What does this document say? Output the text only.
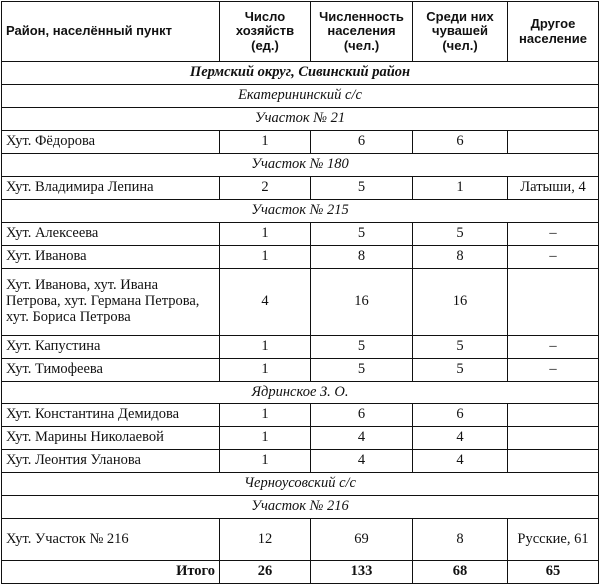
Район, населённый пункт	Число хозяйств (ед.)	Численность населения (чел.)	Среди них чувашей (чел.)	Другое население
Пермский округ, Сивинский район				
Екатерининский с/с				
Участок № 21				
Хут. Фёдорова	1	6	6	
Участок № 180				
Хут. Владимира Лепина	2	5	1	Латыши, 4
Участок № 215				
Хут. Алексеева	1	5	5	–
Хут. Иванова	1	8	8	–
Хут. Иванова, хут. Ивана Петрова, хут. Германа Петрова, хут. Бориса Петрова	4	16	16	
Хут. Капустина	1	5	5	–
Хут. Тимофеева	1	5	5	–
Ядринское З. О.				
Хут. Константина Демидова	1	6	6	
Хут. Марины Николаевой	1	4	4	
Хут. Леонтия Уланова	1	4	4	
Черноусовский с/с				
Участок № 216				
Хут. Участок № 216	12	69	8	Русские, 61
Итого	26	133	68	65
